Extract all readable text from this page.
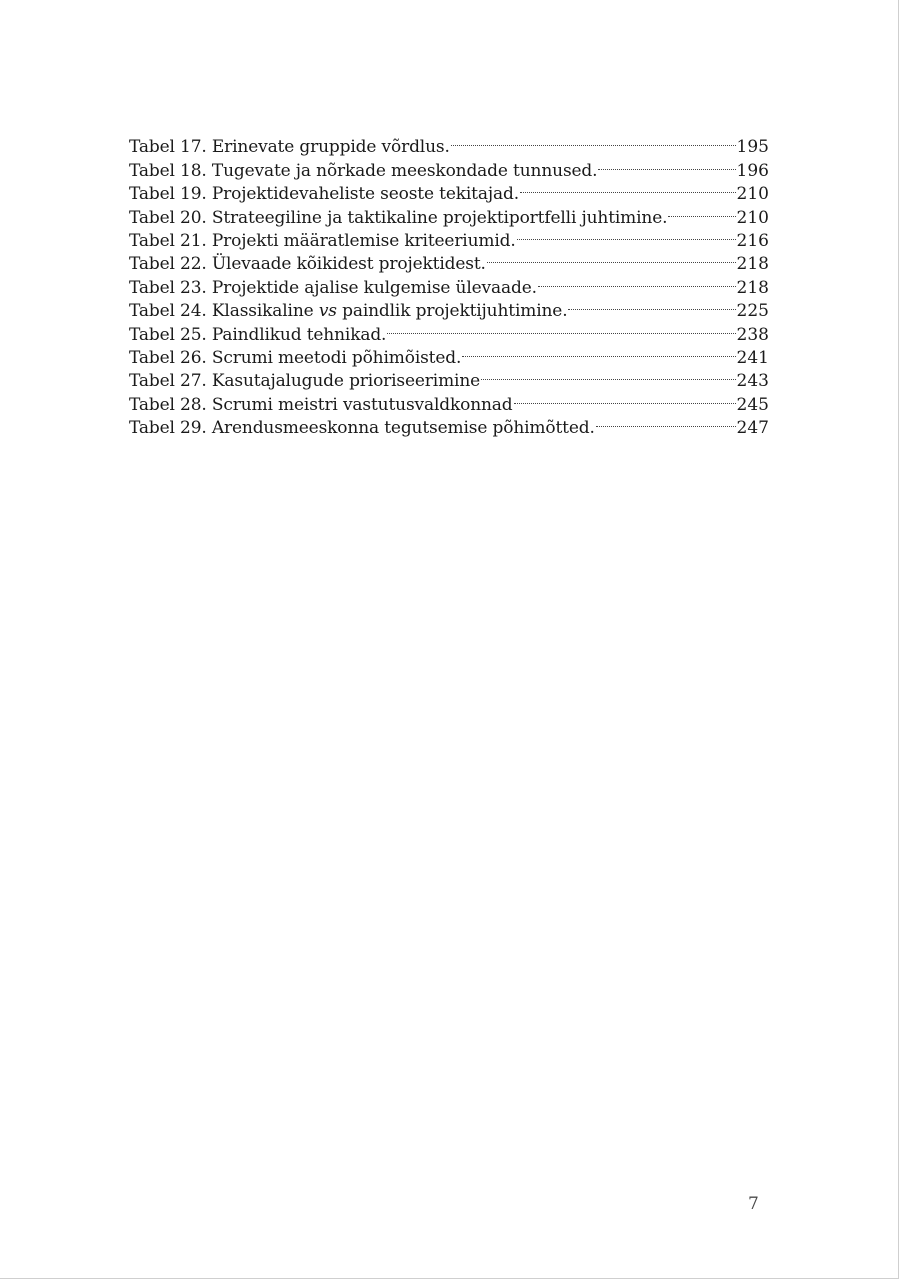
Tabel 17. Erinevate gruppide võrdlus.	195
Tabel 18. Tugevate ja nõrkade meeskondade tunnused.	196
Tabel 19. Projektidevaheliste seoste tekitajad.	210
Tabel 20. Strateegiline ja taktikaline projektiportfelli juhtimine.	210
Tabel 21. Projekti määratlemise kriteeriumid.	216
Tabel 22. Ülevaade kõikidest projektidest.	218
Tabel 23. Projektide ajalise kulgemise ülevaade.	218
Tabel 24. Klassikaline vs paindlik projektijuhtimine.	225
Tabel 25. Paindlikud tehnikad.	238
Tabel 26. Scrumi meetodi põhimõisted.	241
Tabel 27. Kasutajalugude prioriseerimine	243
Tabel 28. Scrumi meistri vastutusvaldkonnad	245
Tabel 29. Arendusmeeskonna tegutsemise põhimõtted.	247
7
